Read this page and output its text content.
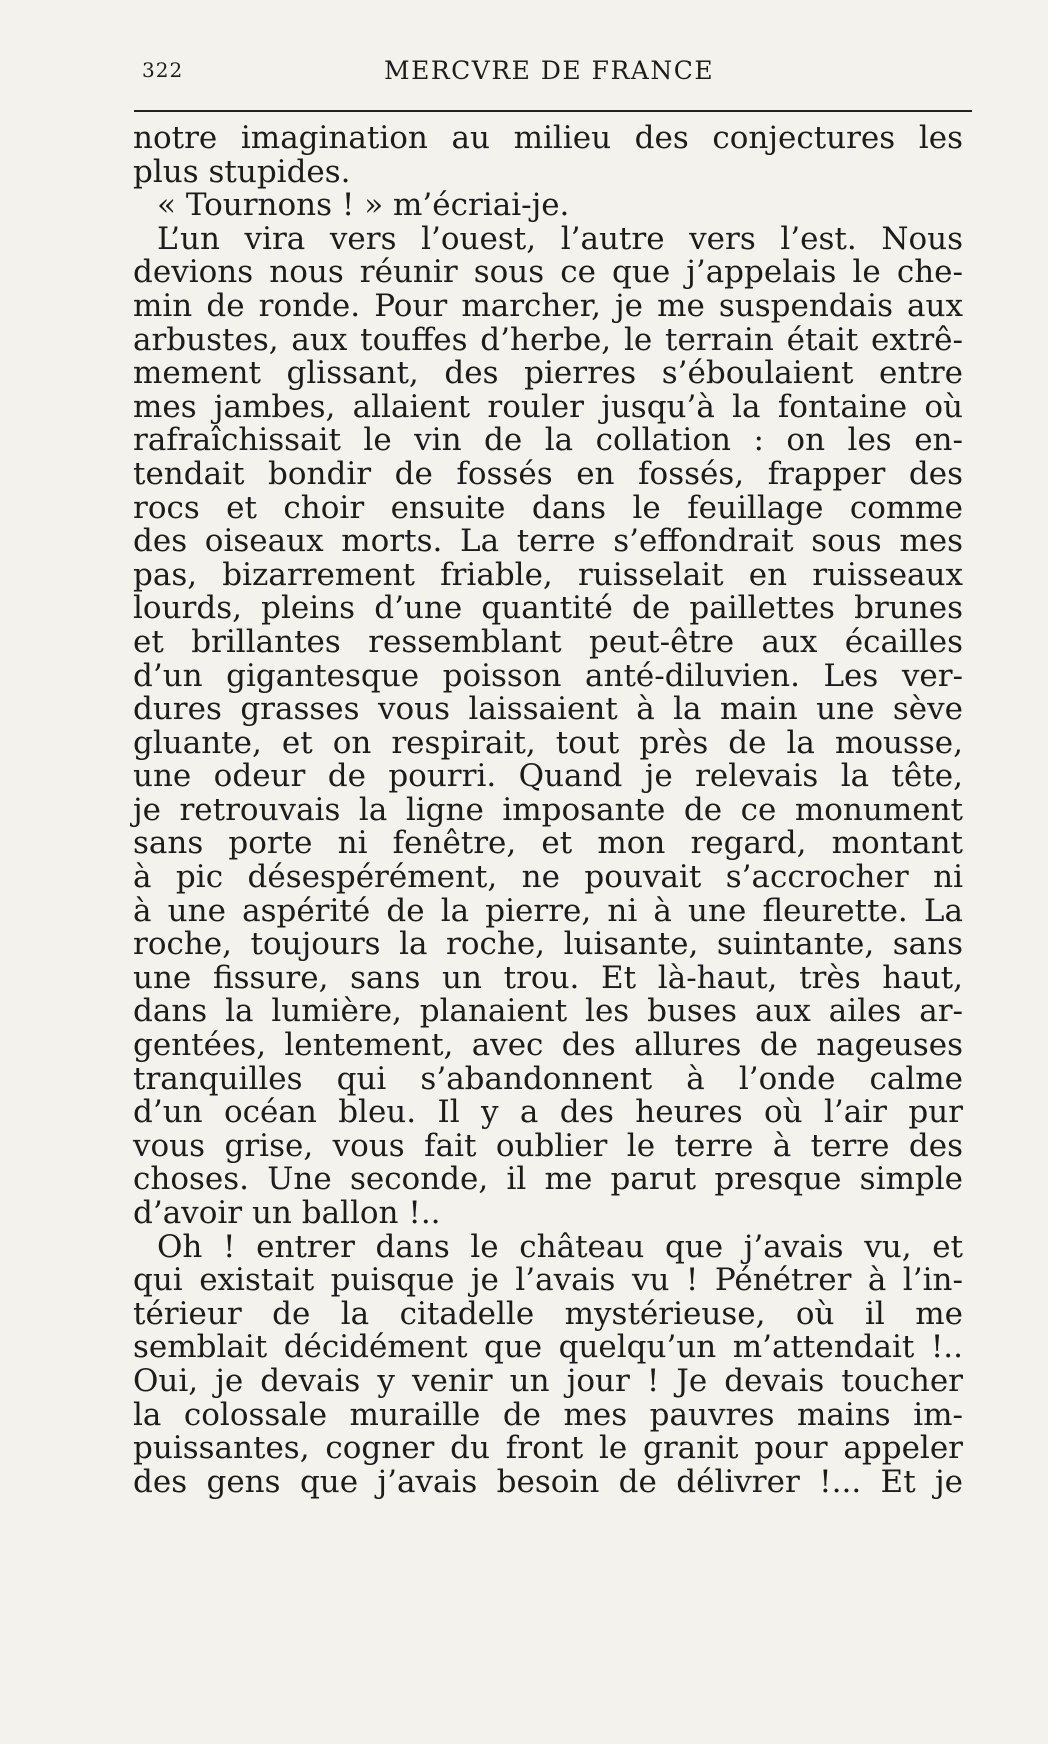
322	MERCVRE DE FRANCE
notre imagination au milieu des conjectures les
plus stupides.
« Tournons ! » m’écriai-je.
L’un vira vers l’ouest, l’autre vers l’est. Nous
devions nous réunir sous ce que j’appelais le che-
min de ronde. Pour marcher, je me suspendais aux
arbustes, aux touffes d’herbe, le terrain était extrê-
mement glissant, des pierres s’éboulaient entre
mes jambes, allaient rouler jusqu’à la fontaine où
rafraîchissait le vin de la collation : on les en-
tendait bondir de fossés en fossés, frapper des
rocs et choir ensuite dans le feuillage comme
des oiseaux morts. La terre s’effondrait sous mes
pas, bizarrement friable, ruisselait en ruisseaux
lourds, pleins d’une quantité de paillettes brunes
et brillantes ressemblant peut-être aux écailles
d’un gigantesque poisson anté-diluvien. Les ver-
dures grasses vous laissaient à la main une sève
gluante, et on respirait, tout près de la mousse,
une odeur de pourri. Quand je relevais la tête,
je retrouvais la ligne imposante de ce monument
sans porte ni fenêtre, et mon regard, montant
à pic désespérément, ne pouvait s’accrocher ni
à une aspérité de la pierre, ni à une fleurette. La
roche, toujours la roche, luisante, suintante, sans
une fissure, sans un trou. Et là-haut, très haut,
dans la lumière, planaient les buses aux ailes ar-
gentées, lentement, avec des allures de nageuses
tranquilles qui s’abandonnent à l’onde calme
d’un océan bleu. Il y a des heures où l’air pur
vous grise, vous fait oublier le terre à terre des
choses. Une seconde, il me parut presque simple
d’avoir un ballon !..
Oh ! entrer dans le château que j’avais vu, et
qui existait puisque je l’avais vu ! Pénétrer à l’in-
térieur de la citadelle mystérieuse, où il me
semblait décidément que quelqu’un m’attendait !..
Oui, je devais y venir un jour ! Je devais toucher
la colossale muraille de mes pauvres mains im-
puissantes, cogner du front le granit pour appeler
des gens que j’avais besoin de délivrer !... Et je
